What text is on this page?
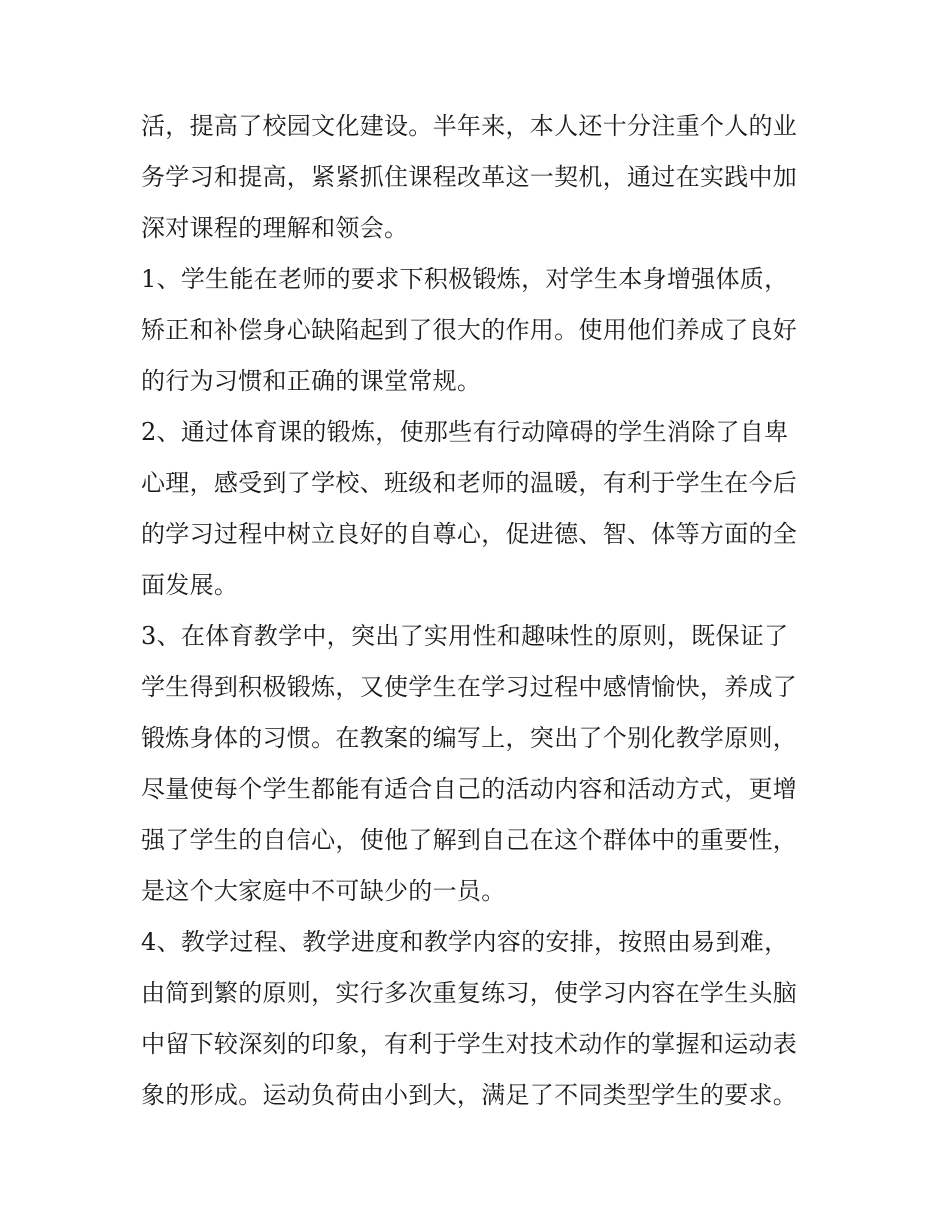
活，提高了校园文化建设。半年来，本人还十分注重个人的业
务学习和提高，紧紧抓住课程改革这一契机，通过在实践中加
深对课程的理解和领会。

1、学生能在老师的要求下积极锻炼，对学生本身增强体质，
矫正和补偿身心缺陷起到了很大的作用。使用他们养成了良好
的行为习惯和正确的课堂常规。

2、通过体育课的锻炼，使那些有行动障碍的学生消除了自卑
心理，感受到了学校、班级和老师的温暖，有利于学生在今后
的学习过程中树立良好的自尊心，促进德、智、体等方面的全
面发展。

3、在体育教学中，突出了实用性和趣味性的原则，既保证了
学生得到积极锻炼，又使学生在学习过程中感情愉快，养成了
锻炼身体的习惯。在教案的编写上，突出了个别化教学原则，
尽量使每个学生都能有适合自己的活动内容和活动方式，更增
强了学生的自信心，使他了解到自己在这个群体中的重要性，
是这个大家庭中不可缺少的一员。

4、教学过程、教学进度和教学内容的安排，按照由易到难，
由简到繁的原则，实行多次重复练习，使学习内容在学生头脑
中留下较深刻的印象，有利于学生对技术动作的掌握和运动表
象的形成。运动负荷由小到大，满足了不同类型学生的要求。
